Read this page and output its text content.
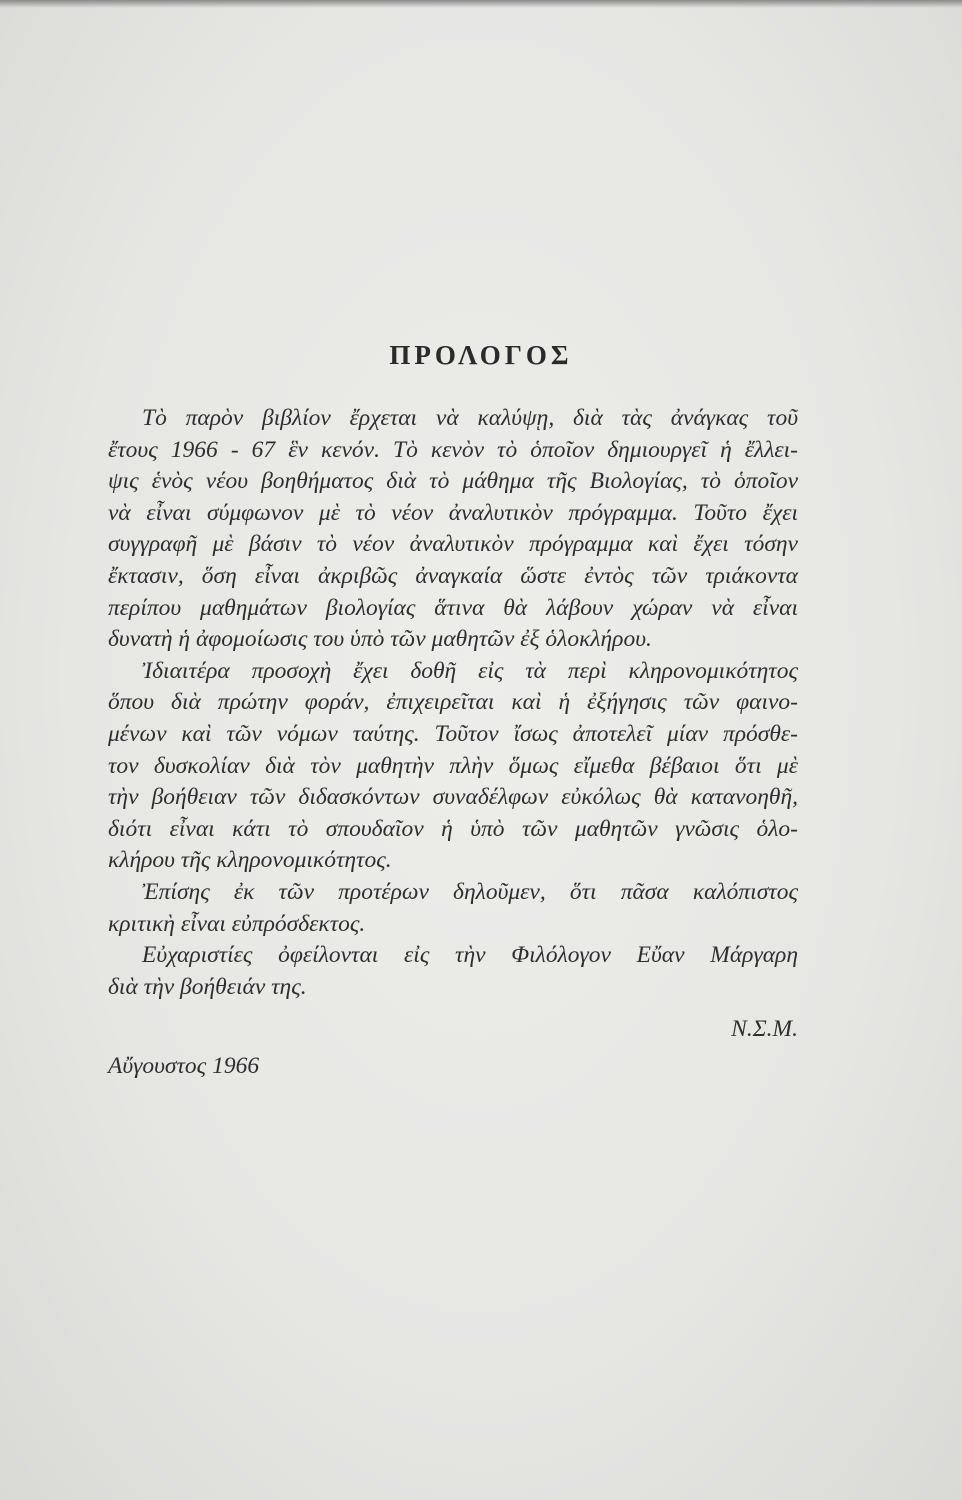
ΠΡΟΛΟΓΟΣ
Τὸ παρὸν βιβλίον ἔρχεται νὰ καλύψῃ, διὰ τὰς ἀνάγκας τοῦ
ἔτους 1966 - 67 ἓν κενόν. Τὸ κενὸν τὸ ὁποῖον δημιουργεῖ ἡ ἔλλει-
ψις ἑνὸς νέου βοηθήματος διὰ τὸ μάθημα τῆς Βιολογίας, τὸ ὁποῖον
νὰ εἶναι σύμφωνον μὲ τὸ νέον ἀναλυτικὸν πρόγραμμα. Τοῦτο ἔχει
συγγραφῆ μὲ βάσιν τὸ νέον ἀναλυτικὸν πρόγραμμα καὶ ἔχει τόσην
ἔκτασιν, ὅση εἶναι ἀκριβῶς ἀναγκαία ὥστε ἐντὸς τῶν τριάκοντα
περίπου μαθημάτων βιολογίας ἅτινα θὰ λάβουν χώραν νὰ εἶναι
δυνατὴ ἡ ἀφομοίωσις του ὑπὸ τῶν μαθητῶν ἐξ ὁλοκλήρου.
Ἰδιαιτέρα προσοχὴ ἔχει δοθῆ εἰς τὰ περὶ κληρονομικότητος
ὅπου διὰ πρώτην φοράν, ἐπιχειρεῖται καὶ ἡ ἐξήγησις τῶν φαινο-
μένων καὶ τῶν νόμων ταύτης. Τοῦτον ἴσως ἀποτελεῖ μίαν πρόσθε-
τον δυσκολίαν διὰ τὸν μαθητὴν πλὴν ὅμως εἴμεθα βέβαιοι ὅτι μὲ
τὴν βοήθειαν τῶν διδασκόντων συναδέλφων εὐκόλως θὰ κατανοηθῆ,
διότι εἶναι κάτι τὸ σπουδαῖον ἡ ὑπὸ τῶν μαθητῶν γνῶσις ὁλο-
κλήρου τῆς κληρονομικότητος.
Ἐπίσης ἐκ τῶν προτέρων δηλοῦμεν, ὅτι πᾶσα καλόπιστος
κριτικὴ εἶναι εὐπρόσδεκτος.
Εὐχαριστίες ὀφείλονται εἰς τὴν Φιλόλογον Εὔαν Μάργαρη
διὰ τὴν βοήθειάν της.
Ν.Σ.Μ.
Αὔγουστος 1966
